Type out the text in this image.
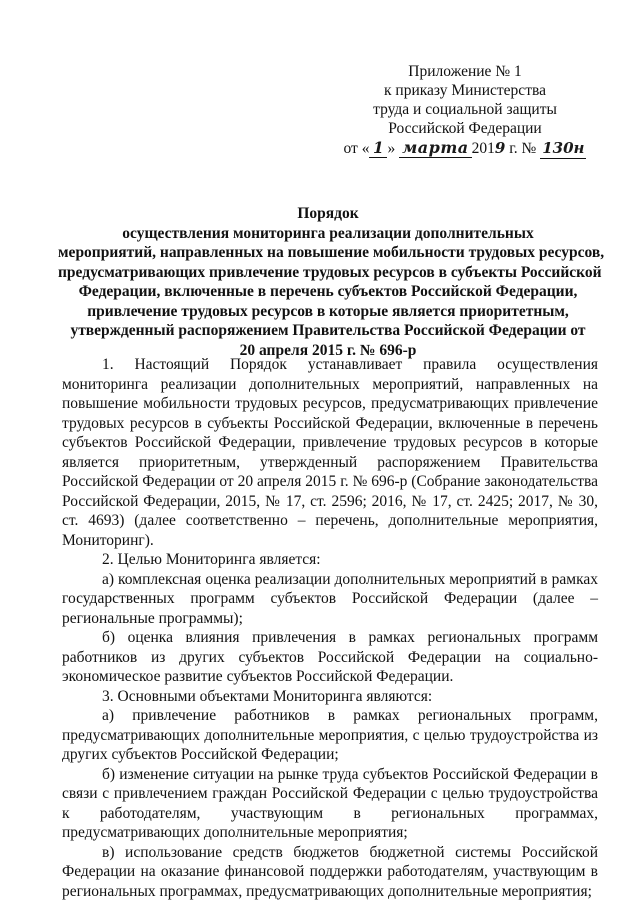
Приложение № 1
к приказу Министерства
труда и социальной защиты
Российской Федерации
от « 1 » марта 2019 г. № 130н
Порядок
осуществления мониторинга реализации дополнительных
мероприятий, направленных на повышение мобильности трудовых ресурсов,
предусматривающих привлечение трудовых ресурсов в субъекты Российской
Федерации, включенные в перечень субъектов Российской Федерации,
привлечение трудовых ресурсов в которые является приоритетным,
утвержденный распоряжением Правительства Российской Федерации от
20 апреля 2015 г. № 696-р

1. Настоящий Порядок устанавливает правила осуществления мониторинга реализации дополнительных мероприятий, направленных на повышение мобильности трудовых ресурсов, предусматривающих привлечение трудовых ресурсов в субъекты Российской Федерации, включенные в перечень субъектов Российской Федерации, привлечение трудовых ресурсов в которые является приоритетным, утвержденный распоряжением Правительства Российской Федерации от 20 апреля 2015 г. № 696-р (Собрание законодательства Российской Федерации, 2015, № 17, ст. 2596; 2016, № 17, ст. 2425; 2017, № 30, ст. 4693) (далее соответственно – перечень, дополнительные мероприятия, Мониторинг).

2. Целью Мониторинга является:

а) комплексная оценка реализации дополнительных мероприятий в рамках государственных программ субъектов Российской Федерации (далее – региональные программы);

б) оценка влияния привлечения в рамках региональных программ работников из других субъектов Российской Федерации на социально-экономическое развитие субъектов Российской Федерации.

3. Основными объектами Мониторинга являются:

а) привлечение работников в рамках региональных программ, предусматривающих дополнительные мероприятия, с целью трудоустройства из других субъектов Российской Федерации;

б) изменение ситуации на рынке труда субъектов Российской Федерации в связи с привлечением граждан Российской Федерации с целью трудоустройства к работодателям, участвующим в региональных программах, предусматривающих дополнительные мероприятия;

в) использование средств бюджетов бюджетной системы Российской Федерации на оказание финансовой поддержки работодателям, участвующим в региональных программах, предусматривающих дополнительные мероприятия;
